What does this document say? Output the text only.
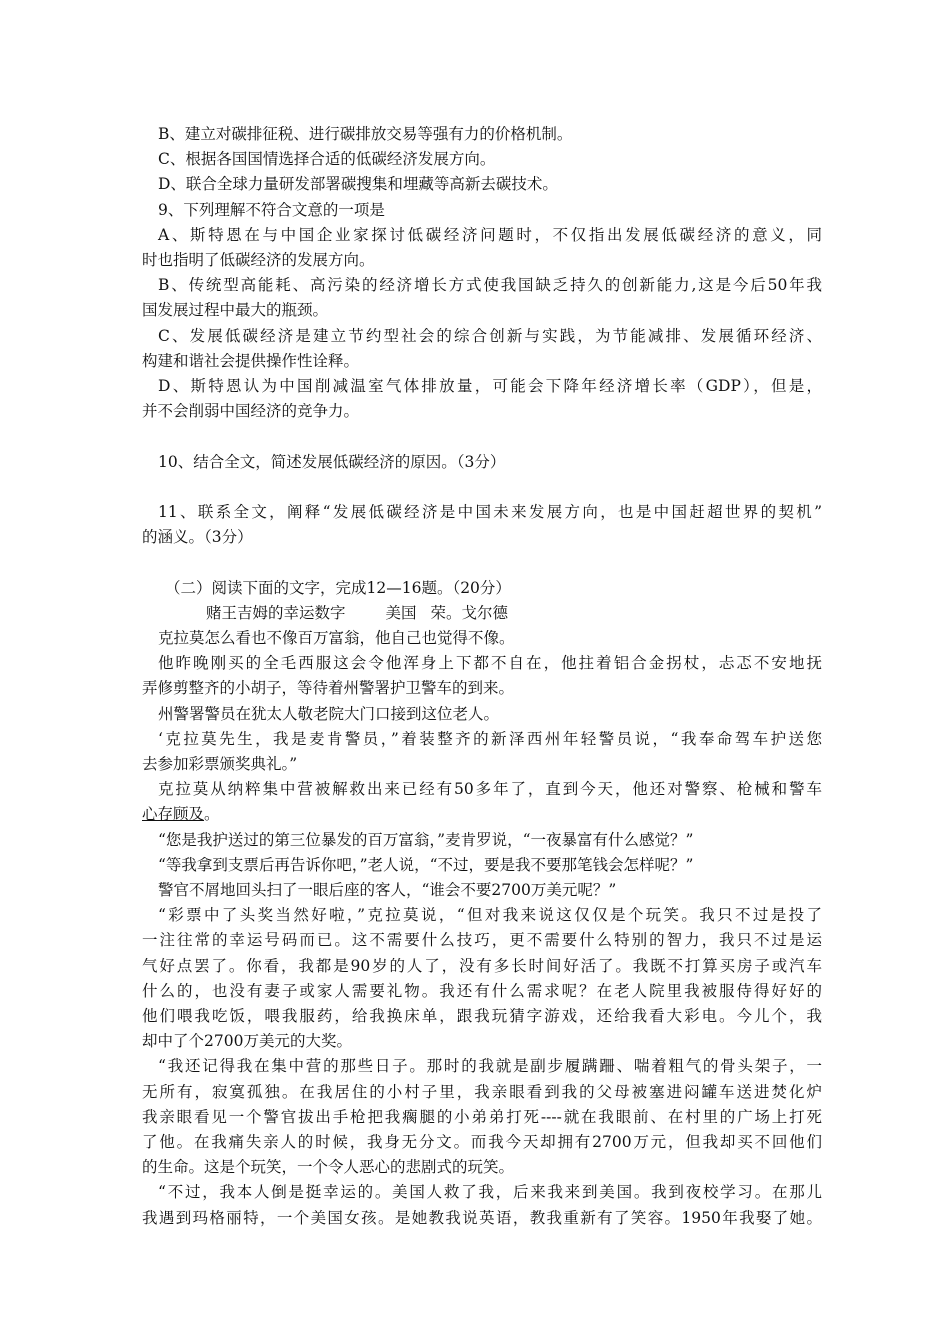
B、建立对碳排征税、进行碳排放交易等强有力的价格机制。
C、根据各国国情选择合适的低碳经济发展方向。
D、联合全球力量研发部署碳搜集和埋藏等高新去碳技术。
9、下列理解不符合文意的一项是
A、斯特恩在与中国企业家探讨低碳经济问题时，不仅指出发展低碳经济的意义，同
时也指明了低碳经济的发展方向。
B、传统型高能耗、高污染的经济增长方式使我国缺乏持久的创新能力,这是今后50年我
国发展过程中最大的瓶颈。
C、发展低碳经济是建立节约型社会的综合创新与实践，为节能减排、发展循环经济、
构建和谐社会提供操作性诠释。
D、斯特恩认为中国削减温室气体排放量，可能会下降年经济增长率（GDP），但是，
并不会削弱中国经济的竞争力。
10、结合全文，简述发展低碳经济的原因。（3分）
11、联系全文，阐释“发展低碳经济是中国未来发展方向，也是中国赶超世界的契机”
的涵义。（3分）
（二）阅读下面的文字，完成12—16题。（20分）
赌王吉姆的幸运数字	美国 荣。戈尔德
克拉莫怎么看也不像百万富翁，他自己也觉得不像。
他昨晚刚买的全毛西服这会令他浑身上下都不自在，他拄着铝合金拐杖，忐忑不安地抚
弄修剪整齐的小胡子，等待着州警署护卫警车的到来。
州警署警员在犹太人敬老院大门口接到这位老人。
‘克拉莫先生，我是麦肯警员，”着装整齐的新泽西州年轻警员说，“我奉命驾车护送您
去参加彩票颁奖典礼。”
克拉莫从纳粹集中营被解救出来已经有50多年了，直到今天，他还对警察、枪械和警车
心存顾及。
“您是我护送过的第三位暴发的百万富翁，”麦肯罗说，“一夜暴富有什么感觉？”
“等我拿到支票后再告诉你吧，”老人说，“不过，要是我不要那笔钱会怎样呢？”
警官不屑地回头扫了一眼后座的客人，“谁会不要2700万美元呢？”
“彩票中了头奖当然好啦，”克拉莫说，“但对我来说这仅仅是个玩笑。我只不过是投了
一注往常的幸运号码而已。这不需要什么技巧，更不需要什么特别的智力，我只不过是运
气好点罢了。你看，我都是90岁的人了，没有多长时间好活了。我既不打算买房子或汽车
什么的，也没有妻子或家人需要礼物。我还有什么需求呢？在老人院里我被服侍得好好的
他们喂我吃饭，喂我服药，给我换床单，跟我玩猜字游戏，还给我看大彩电。今儿个，我
却中了个2700万美元的大奖。
“我还记得我在集中营的那些日子。那时的我就是副步履蹒跚、喘着粗气的骨头架子，一
无所有，寂寞孤独。在我居住的小村子里，我亲眼看到我的父母被塞进闷罐车送进焚化炉
我亲眼看见一个警官拔出手枪把我瘸腿的小弟弟打死----就在我眼前、在村里的广场上打死
了他。在我痛失亲人的时候，我身无分文。而我今天却拥有2700万元，但我却买不回他们
的生命。这是个玩笑，一个令人恶心的悲剧式的玩笑。
“不过，我本人倒是挺幸运的。美国人救了我，后来我来到美国。我到夜校学习。在那儿
我遇到玛格丽特，一个美国女孩。是她教我说英语，教我重新有了笑容。1950年我娶了她。
